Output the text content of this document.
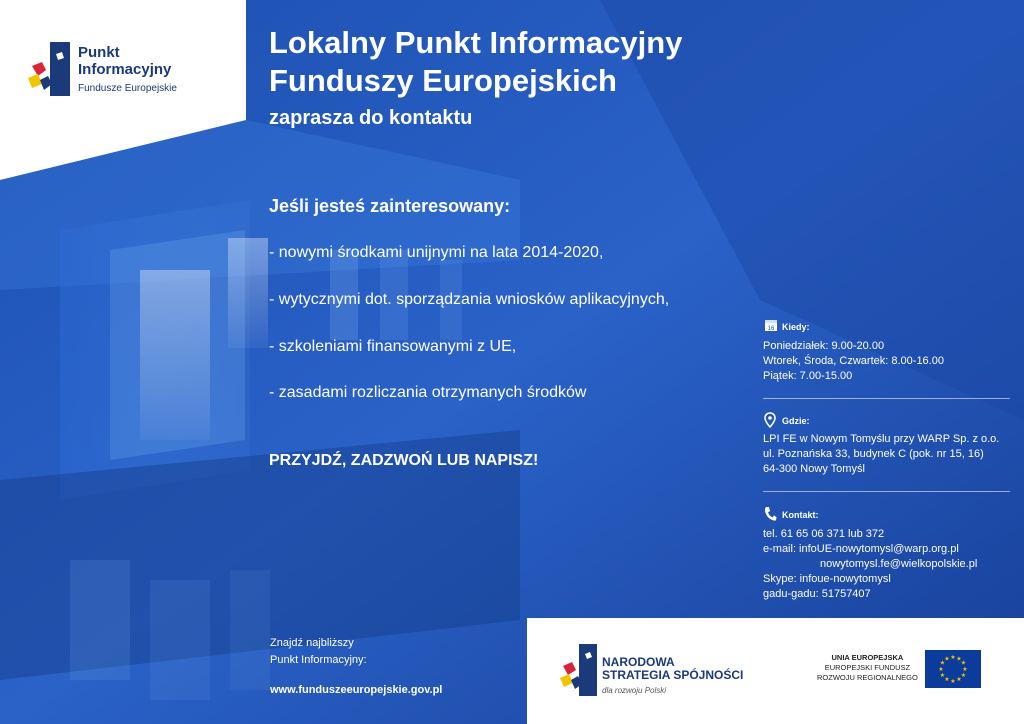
Punkt
Informacyjny
Fundusze Europejskie
Lokalny Punkt Informacyjny
Funduszy Europejskich
zaprasza do kontaktu
Jeśli jesteś zainteresowany:
- nowymi środkami unijnymi na lata 2014-2020,
- wytycznymi dot. sporządzania wniosków aplikacyjnych,
- szkoleniami finansowanymi z UE,
- zasadami rozliczania otrzymanych środków
PRZYJDŹ, ZADZWOŃ LUB NAPISZ!
16 Kiedy:
Poniedziałek: 9.00-20.00
Wtorek, Środa, Czwartek: 8.00-16.00
Piątek: 7.00-15.00
Gdzie:
LPI FE w Nowym Tomyślu przy WARP Sp. z o.o.
ul. Poznańska 33, budynek C (pok. nr 15, 16)
64-300 Nowy Tomyśl
Kontakt:
tel. 61 65 06 371 lub 372
e-mail: infoUE-nowytomysl@warp.org.pl
nowytomysl.fe@wielkopolskie.pl
Skype: infoue-nowytomysl
gadu-gadu: 51757407
Znajdź najbliższy
Punkt Informacyjny:
www.funduszeeuropejskie.gov.pl
NARODOWA
STRATEGIA SPÓJNOŚCI
dla rozwoju Polski
UNIA EUROPEJSKA
EUROPEJSKI FUNDUSZ
ROZWOJU REGIONALNEGO
★ ★
★
★
★
★
★
★
★
★
★
★
